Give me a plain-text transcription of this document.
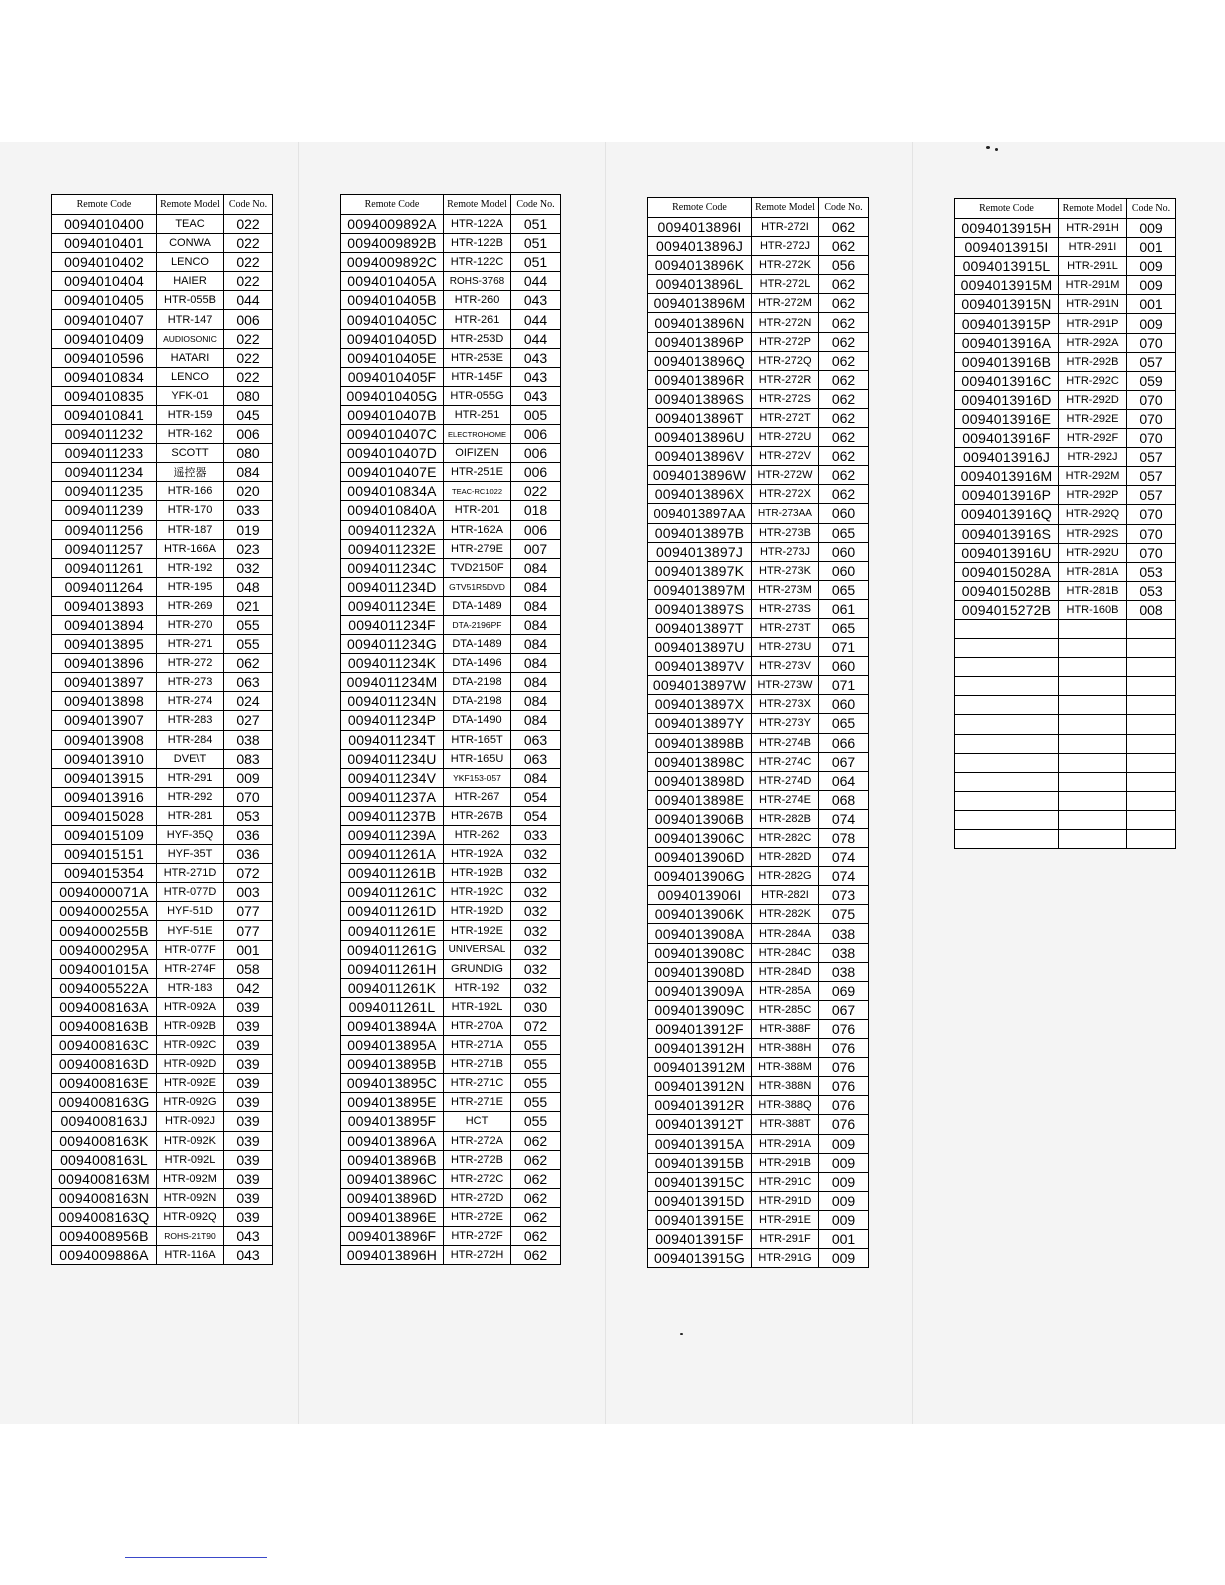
Remote Code	Remote Model	Code No.
0094010400	TEAC	022
0094010401	CONWA	022
0094010402	LENCO	022
0094010404	HAIER	022
0094010405	HTR-055B	044
0094010407	HTR-147	006
0094010409	AUDIOSONIC	022
0094010596	HATARI	022
0094010834	LENCO	022
0094010835	YFK-01	080
0094010841	HTR-159	045
0094011232	HTR-162	006
0094011233	SCOTT	080
0094011234	遥控器	084
0094011235	HTR-166	020
0094011239	HTR-170	033
0094011256	HTR-187	019
0094011257	HTR-166A	023
0094011261	HTR-192	032
0094011264	HTR-195	048
0094013893	HTR-269	021
0094013894	HTR-270	055
0094013895	HTR-271	055
0094013896	HTR-272	062
0094013897	HTR-273	063
0094013898	HTR-274	024
0094013907	HTR-283	027
0094013908	HTR-284	038
0094013910	DVE\T	083
0094013915	HTR-291	009
0094013916	HTR-292	070
0094015028	HTR-281	053
0094015109	HYF-35Q	036
0094015151	HYF-35T	036
0094015354	HTR-271D	072
0094000071A	HTR-077D	003
0094000255A	HYF-51D	077
0094000255B	HYF-51E	077
0094000295A	HTR-077F	001
0094001015A	HTR-274F	058
0094005522A	HTR-183	042
0094008163A	HTR-092A	039
0094008163B	HTR-092B	039
0094008163C	HTR-092C	039
0094008163D	HTR-092D	039
0094008163E	HTR-092E	039
0094008163G	HTR-092G	039
0094008163J	HTR-092J	039
0094008163K	HTR-092K	039
0094008163L	HTR-092L	039
0094008163M	HTR-092M	039
0094008163N	HTR-092N	039
0094008163Q	HTR-092Q	039
0094008956B	ROHS-21T90	043
0094009886A	HTR-116A	043
Remote Code	Remote Model	Code No.
0094009892A	HTR-122A	051
0094009892B	HTR-122B	051
0094009892C	HTR-122C	051
0094010405A	ROHS-3768	044
0094010405B	HTR-260	043
0094010405C	HTR-261	044
0094010405D	HTR-253D	044
0094010405E	HTR-253E	043
0094010405F	HTR-145F	043
0094010405G	HTR-055G	043
0094010407B	HTR-251	005
0094010407C	ELECTROHOME	006
0094010407D	OIFIZEN	006
0094010407E	HTR-251E	006
0094010834A	TEAC-RC1022	022
0094010840A	HTR-201	018
0094011232A	HTR-162A	006
0094011232E	HTR-279E	007
0094011234C	TVD2150F	084
0094011234D	GTV51R5DVD	084
0094011234E	DTA-1489	084
0094011234F	DTA-2196PF	084
0094011234G	DTA-1489	084
0094011234K	DTA-1496	084
0094011234M	DTA-2198	084
0094011234N	DTA-2198	084
0094011234P	DTA-1490	084
0094011234T	HTR-165T	063
0094011234U	HTR-165U	063
0094011234V	YKF153-057	084
0094011237A	HTR-267	054
0094011237B	HTR-267B	054
0094011239A	HTR-262	033
0094011261A	HTR-192A	032
0094011261B	HTR-192B	032
0094011261C	HTR-192C	032
0094011261D	HTR-192D	032
0094011261E	HTR-192E	032
0094011261G	UNIVERSAL	032
0094011261H	GRUNDIG	032
0094011261K	HTR-192	032
0094011261L	HTR-192L	030
0094013894A	HTR-270A	072
0094013895A	HTR-271A	055
0094013895B	HTR-271B	055
0094013895C	HTR-271C	055
0094013895E	HTR-271E	055
0094013895F	HCT	055
0094013896A	HTR-272A	062
0094013896B	HTR-272B	062
0094013896C	HTR-272C	062
0094013896D	HTR-272D	062
0094013896E	HTR-272E	062
0094013896F	HTR-272F	062
0094013896H	HTR-272H	062
Remote Code	Remote Model	Code No.
0094013896I	HTR-272I	062
0094013896J	HTR-272J	062
0094013896K	HTR-272K	056
0094013896L	HTR-272L	062
0094013896M	HTR-272M	062
0094013896N	HTR-272N	062
0094013896P	HTR-272P	062
0094013896Q	HTR-272Q	062
0094013896R	HTR-272R	062
0094013896S	HTR-272S	062
0094013896T	HTR-272T	062
0094013896U	HTR-272U	062
0094013896V	HTR-272V	062
0094013896W	HTR-272W	062
0094013896X	HTR-272X	062
0094013897AA	HTR-273AA	060
0094013897B	HTR-273B	065
0094013897J	HTR-273J	060
0094013897K	HTR-273K	060
0094013897M	HTR-273M	065
0094013897S	HTR-273S	061
0094013897T	HTR-273T	065
0094013897U	HTR-273U	071
0094013897V	HTR-273V	060
0094013897W	HTR-273W	071
0094013897X	HTR-273X	060
0094013897Y	HTR-273Y	065
0094013898B	HTR-274B	066
0094013898C	HTR-274C	067
0094013898D	HTR-274D	064
0094013898E	HTR-274E	068
0094013906B	HTR-282B	074
0094013906C	HTR-282C	078
0094013906D	HTR-282D	074
0094013906G	HTR-282G	074
0094013906I	HTR-282I	073
0094013906K	HTR-282K	075
0094013908A	HTR-284A	038
0094013908C	HTR-284C	038
0094013908D	HTR-284D	038
0094013909A	HTR-285A	069
0094013909C	HTR-285C	067
0094013912F	HTR-388F	076
0094013912H	HTR-388H	076
0094013912M	HTR-388M	076
0094013912N	HTR-388N	076
0094013912R	HTR-388Q	076
0094013912T	HTR-388T	076
0094013915A	HTR-291A	009
0094013915B	HTR-291B	009
0094013915C	HTR-291C	009
0094013915D	HTR-291D	009
0094013915E	HTR-291E	009
0094013915F	HTR-291F	001
0094013915G	HTR-291G	009
Remote Code	Remote Model	Code No.
0094013915H	HTR-291H	009
0094013915I	HTR-291I	001
0094013915L	HTR-291L	009
0094013915M	HTR-291M	009
0094013915N	HTR-291N	001
0094013915P	HTR-291P	009
0094013916A	HTR-292A	070
0094013916B	HTR-292B	057
0094013916C	HTR-292C	059
0094013916D	HTR-292D	070
0094013916E	HTR-292E	070
0094013916F	HTR-292F	070
0094013916J	HTR-292J	057
0094013916M	HTR-292M	057
0094013916P	HTR-292P	057
0094013916Q	HTR-292Q	070
0094013916S	HTR-292S	070
0094013916U	HTR-292U	070
0094015028A	HTR-281A	053
0094015028B	HTR-281B	053
0094015272B	HTR-160B	008
